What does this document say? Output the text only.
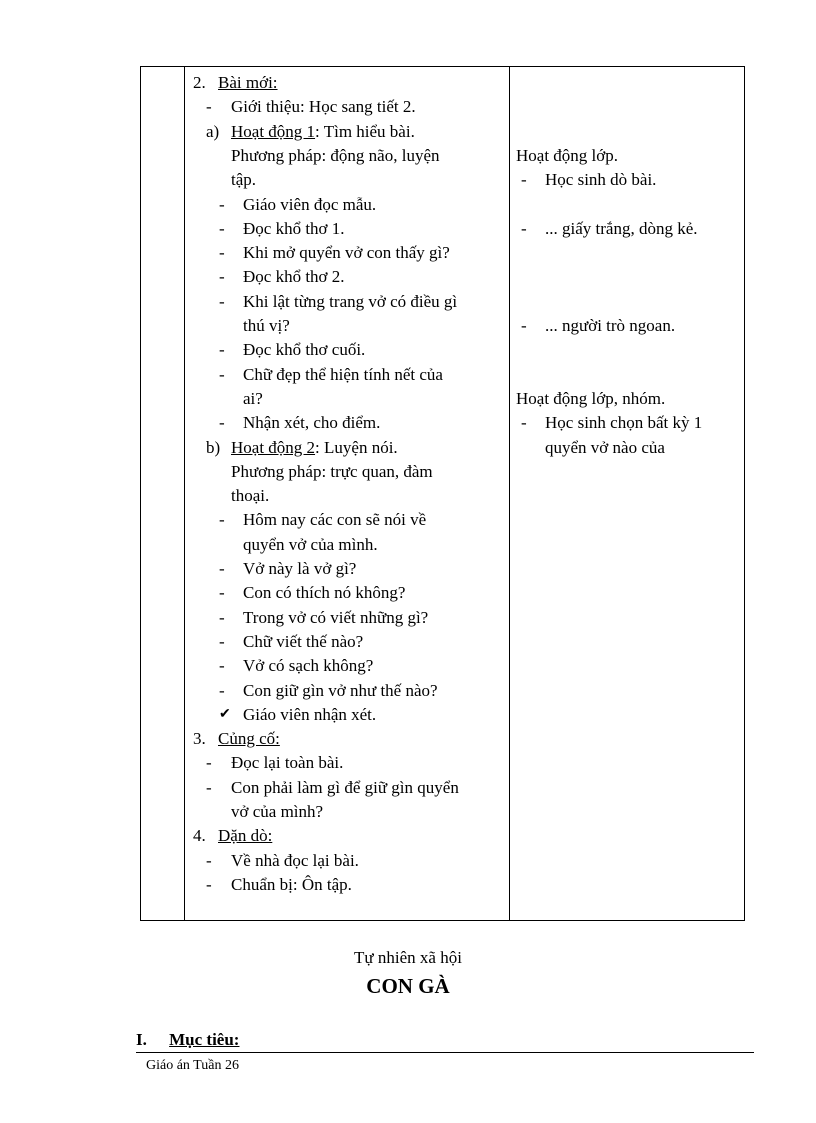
2. Bài mới:
- Giới thiệu: Học sang tiết 2.
a) Hoạt động 1: Tìm hiểu bài.
Phương pháp: động não, luyện
tập.
- Giáo viên đọc mẫu.
- Đọc khổ thơ 1.
- Khi mở quyển vở con thấy gì?
- Đọc khổ thơ 2.
- Khi lật từng trang vở có điều gì
thú vị?
- Đọc khổ thơ cuối.
- Chữ đẹp thể hiện tính nết của
ai?
- Nhận xét, cho điểm.
b) Hoạt động 2: Luyện nói.
Phương pháp: trực quan, đàm
thoại.
- Hôm nay các con sẽ nói về
quyển vở của mình.
- Vở này là vở gì?
- Con có thích nó không?
- Trong vở có viết những gì?
- Chữ viết thế nào?
- Vở có sạch không?
- Con giữ gìn vở như thế nào?
✔ Giáo viên nhận xét.
3. Củng cố:
- Đọc lại toàn bài.
- Con phải làm gì để giữ gìn quyển
vở của mình?
4. Dặn dò:
- Về nhà đọc lại bài.
- Chuẩn bị: Ôn tập.
Hoạt động lớp.
- Học sinh dò bài.
- ... giấy trắng, dòng kẻ.
- ... người trò ngoan.
Hoạt động lớp, nhóm.
- Học sinh chọn bất kỳ 1
quyển vở nào của
Tự nhiên xã hội
CON GÀ
I. Mục tiêu:
Giáo án Tuần 26
